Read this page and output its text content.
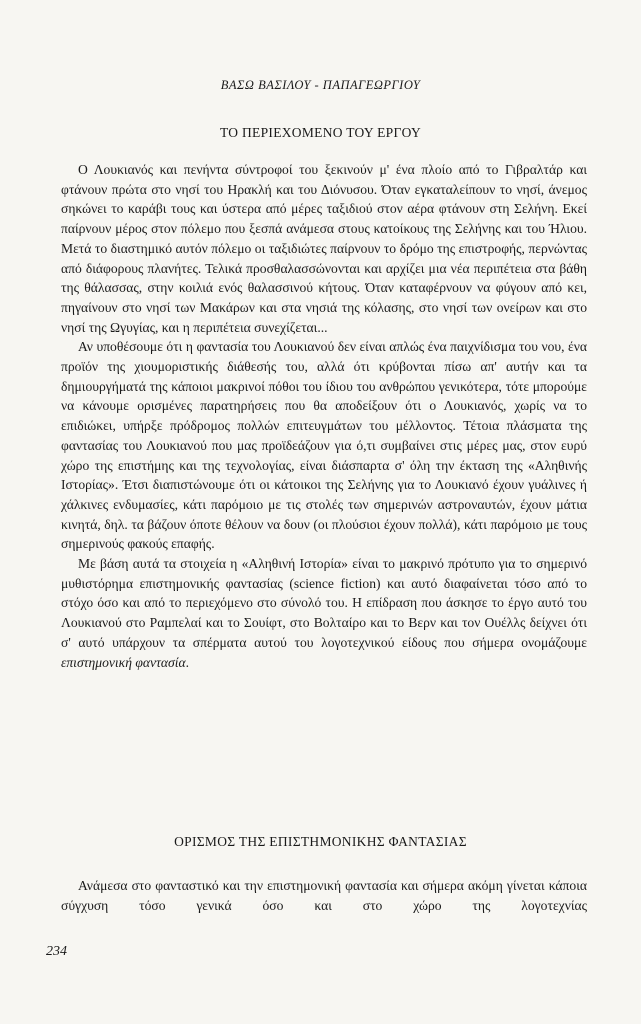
ΒΑΣΩ ΒΑΣΙΛΟΥ - ΠΑΠΑΓΕΩΡΓΙΟΥ
ΤΟ ΠΕΡΙΕΧΟΜΕΝΟ ΤΟΥ ΕΡΓΟΥ

Ο Λουκιανός και πενήντα σύντροφοί του ξεκινούν μ' ένα πλοίο από το Γιβραλτάρ και φτάνουν πρώτα στο νησί του Ηρακλή και του Διόνυσου. Όταν εγκαταλείπουν το νησί, άνεμος σηκώνει το καράβι τους και ύστερα από μέρες ταξιδιού στον αέρα φτάνουν στη Σελήνη. Εκεί παίρνουν μέρος στον πόλεμο που ξεσπά ανάμεσα στους κατοίκους της Σελήνης και του Ήλιου. Μετά το διαστημικό αυτόν πόλεμο οι ταξιδιώτες παίρνουν το δρόμο της επιστροφής, περνώντας από διάφορους πλανήτες. Τελικά προσθαλασσώνονται και αρχίζει μια νέα περιπέτεια στα βάθη της θάλασσας, στην κοιλιά ενός θαλασσινού κήτους. Όταν καταφέρνουν να φύγουν από κει, πηγαίνουν στο νησί των Μακάρων και στα νησιά της κόλασης, στο νησί των ονείρων και στο νησί της Ωγυγίας, και η περιπέτεια συνεχίζεται...

Αν υποθέσουμε ότι η φαντασία του Λουκιανού δεν είναι απλώς ένα παιχνίδισμα του νου, ένα προϊόν της χιουμοριστικής διάθεσής του, αλλά ότι κρύβονται πίσω απ' αυτήν και τα δημιουργήματά της κάποιοι μακρινοί πόθοι του ίδιου του ανθρώπου γενικότερα, τότε μπορούμε να κάνουμε ορισμένες παρατηρήσεις που θα αποδείξουν ότι ο Λουκιανός, χωρίς να το επιδιώκει, υπήρξε πρόδρομος πολλών επιτευγμάτων του μέλλοντος. Τέτοια πλάσματα της φαντασίας του Λουκιανού που μας προϊδεάζουν για ό,τι συμβαίνει στις μέρες μας, στον ευρύ χώρο της επιστήμης και της τεχνολογίας, είναι διάσπαρτα σ' όλη την έκταση της «Αληθινής Ιστορίας». Έτσι διαπιστώνουμε ότι οι κάτοικοι της Σελήνης για το Λουκιανό έχουν γυάλινες ή χάλκινες ενδυμασίες, κάτι παρόμοιο με τις στολές των σημερινών αστροναυτών, έχουν μάτια κινητά, δηλ. τα βάζουν όποτε θέλουν να δουν (οι πλούσιοι έχουν πολλά), κάτι παρόμοιο με τους σημερινούς φακούς επαφής.

Με βάση αυτά τα στοιχεία η «Αληθινή Ιστορία» είναι το μακρινό πρότυπο για το σημερινό μυθιστόρημα επιστημονικής φαντασίας (science fiction) και αυτό διαφαίνεται τόσο από το στόχο όσο και από το περιεχόμενο στο σύνολό του. Η επίδραση που άσκησε το έργο αυτό του Λουκιανού στο Ραμπελαί και το Σουίφτ, στο Βολταίρο και το Βερν και τον Ουέλλς δείχνει ότι σ' αυτό υπάρχουν τα σπέρματα αυτού του λογοτεχνικού είδους που σήμερα ονομάζουμε επιστημονική φαντασία.

ΟΡΙΣΜΟΣ ΤΗΣ ΕΠΙΣΤΗΜΟΝΙΚΗΣ ΦΑΝΤΑΣΙΑΣ

Ανάμεσα στο φανταστικό και την επιστημονική φαντασία και σήμερα ακόμη γίνεται κάποια σύγχυση τόσο γενικά όσο και στο χώρο της λογοτεχνίας

234
